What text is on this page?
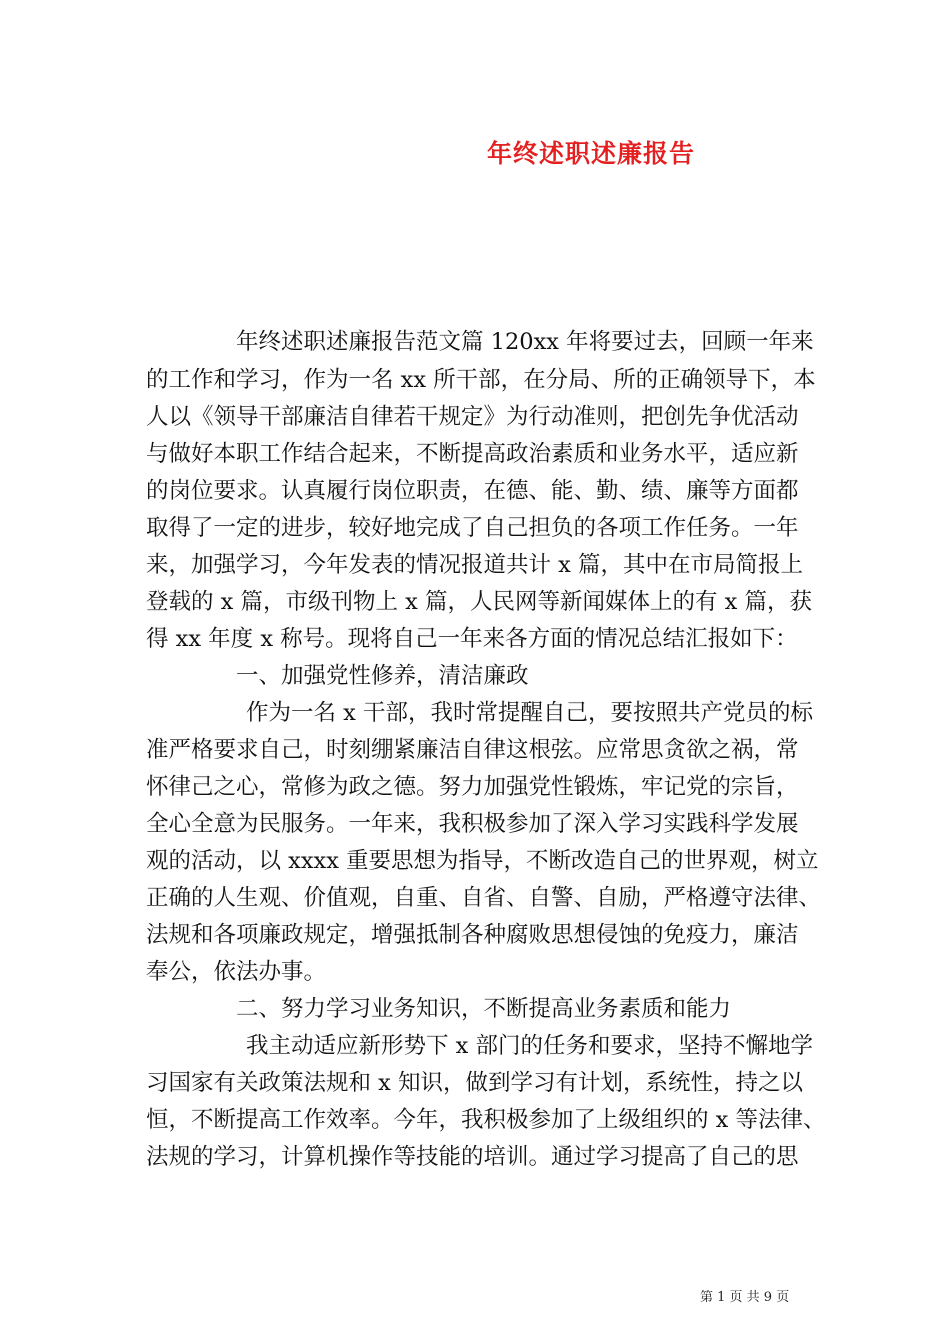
年终述职述廉报告
年终述职述廉报告范文篇 120xx 年将要过去，回顾一年来
的工作和学习，作为一名 xx 所干部，在分局、所的正确领导下，本
人以《领导干部廉洁自律若干规定》为行动准则，把创先争优活动
与做好本职工作结合起来，不断提高政治素质和业务水平，适应新
的岗位要求。认真履行岗位职责，在德、能、勤、绩、廉等方面都
取得了一定的进步，较好地完成了自己担负的各项工作任务。一年
来，加强学习，今年发表的情况报道共计 x 篇，其中在市局简报上
登载的 x 篇，市级刊物上 x 篇，人民网等新闻媒体上的有 x 篇，获
得 xx 年度 x 称号。现将自己一年来各方面的情况总结汇报如下：
一、加强党性修养，清洁廉政
作为一名 x 干部，我时常提醒自己，要按照共产党员的标
准严格要求自己，时刻绷紧廉洁自律这根弦。应常思贪欲之祸，常
怀律己之心，常修为政之德。努力加强党性锻炼，牢记党的宗旨，
全心全意为民服务。一年来，我积极参加了深入学习实践科学发展
观的活动，以 xxxx 重要思想为指导，不断改造自己的世界观，树立
正确的人生观、价值观，自重、自省、自警、自励，严格遵守法律、
法规和各项廉政规定，增强抵制各种腐败思想侵蚀的免疫力，廉洁
奉公，依法办事。
二、努力学习业务知识，不断提高业务素质和能力
我主动适应新形势下 x 部门的任务和要求，坚持不懈地学
习国家有关政策法规和 x 知识，做到学习有计划，系统性，持之以
恒，不断提高工作效率。今年，我积极参加了上级组织的 x 等法律、
法规的学习，计算机操作等技能的培训。通过学习提高了自己的思
第 1 页 共 9 页
